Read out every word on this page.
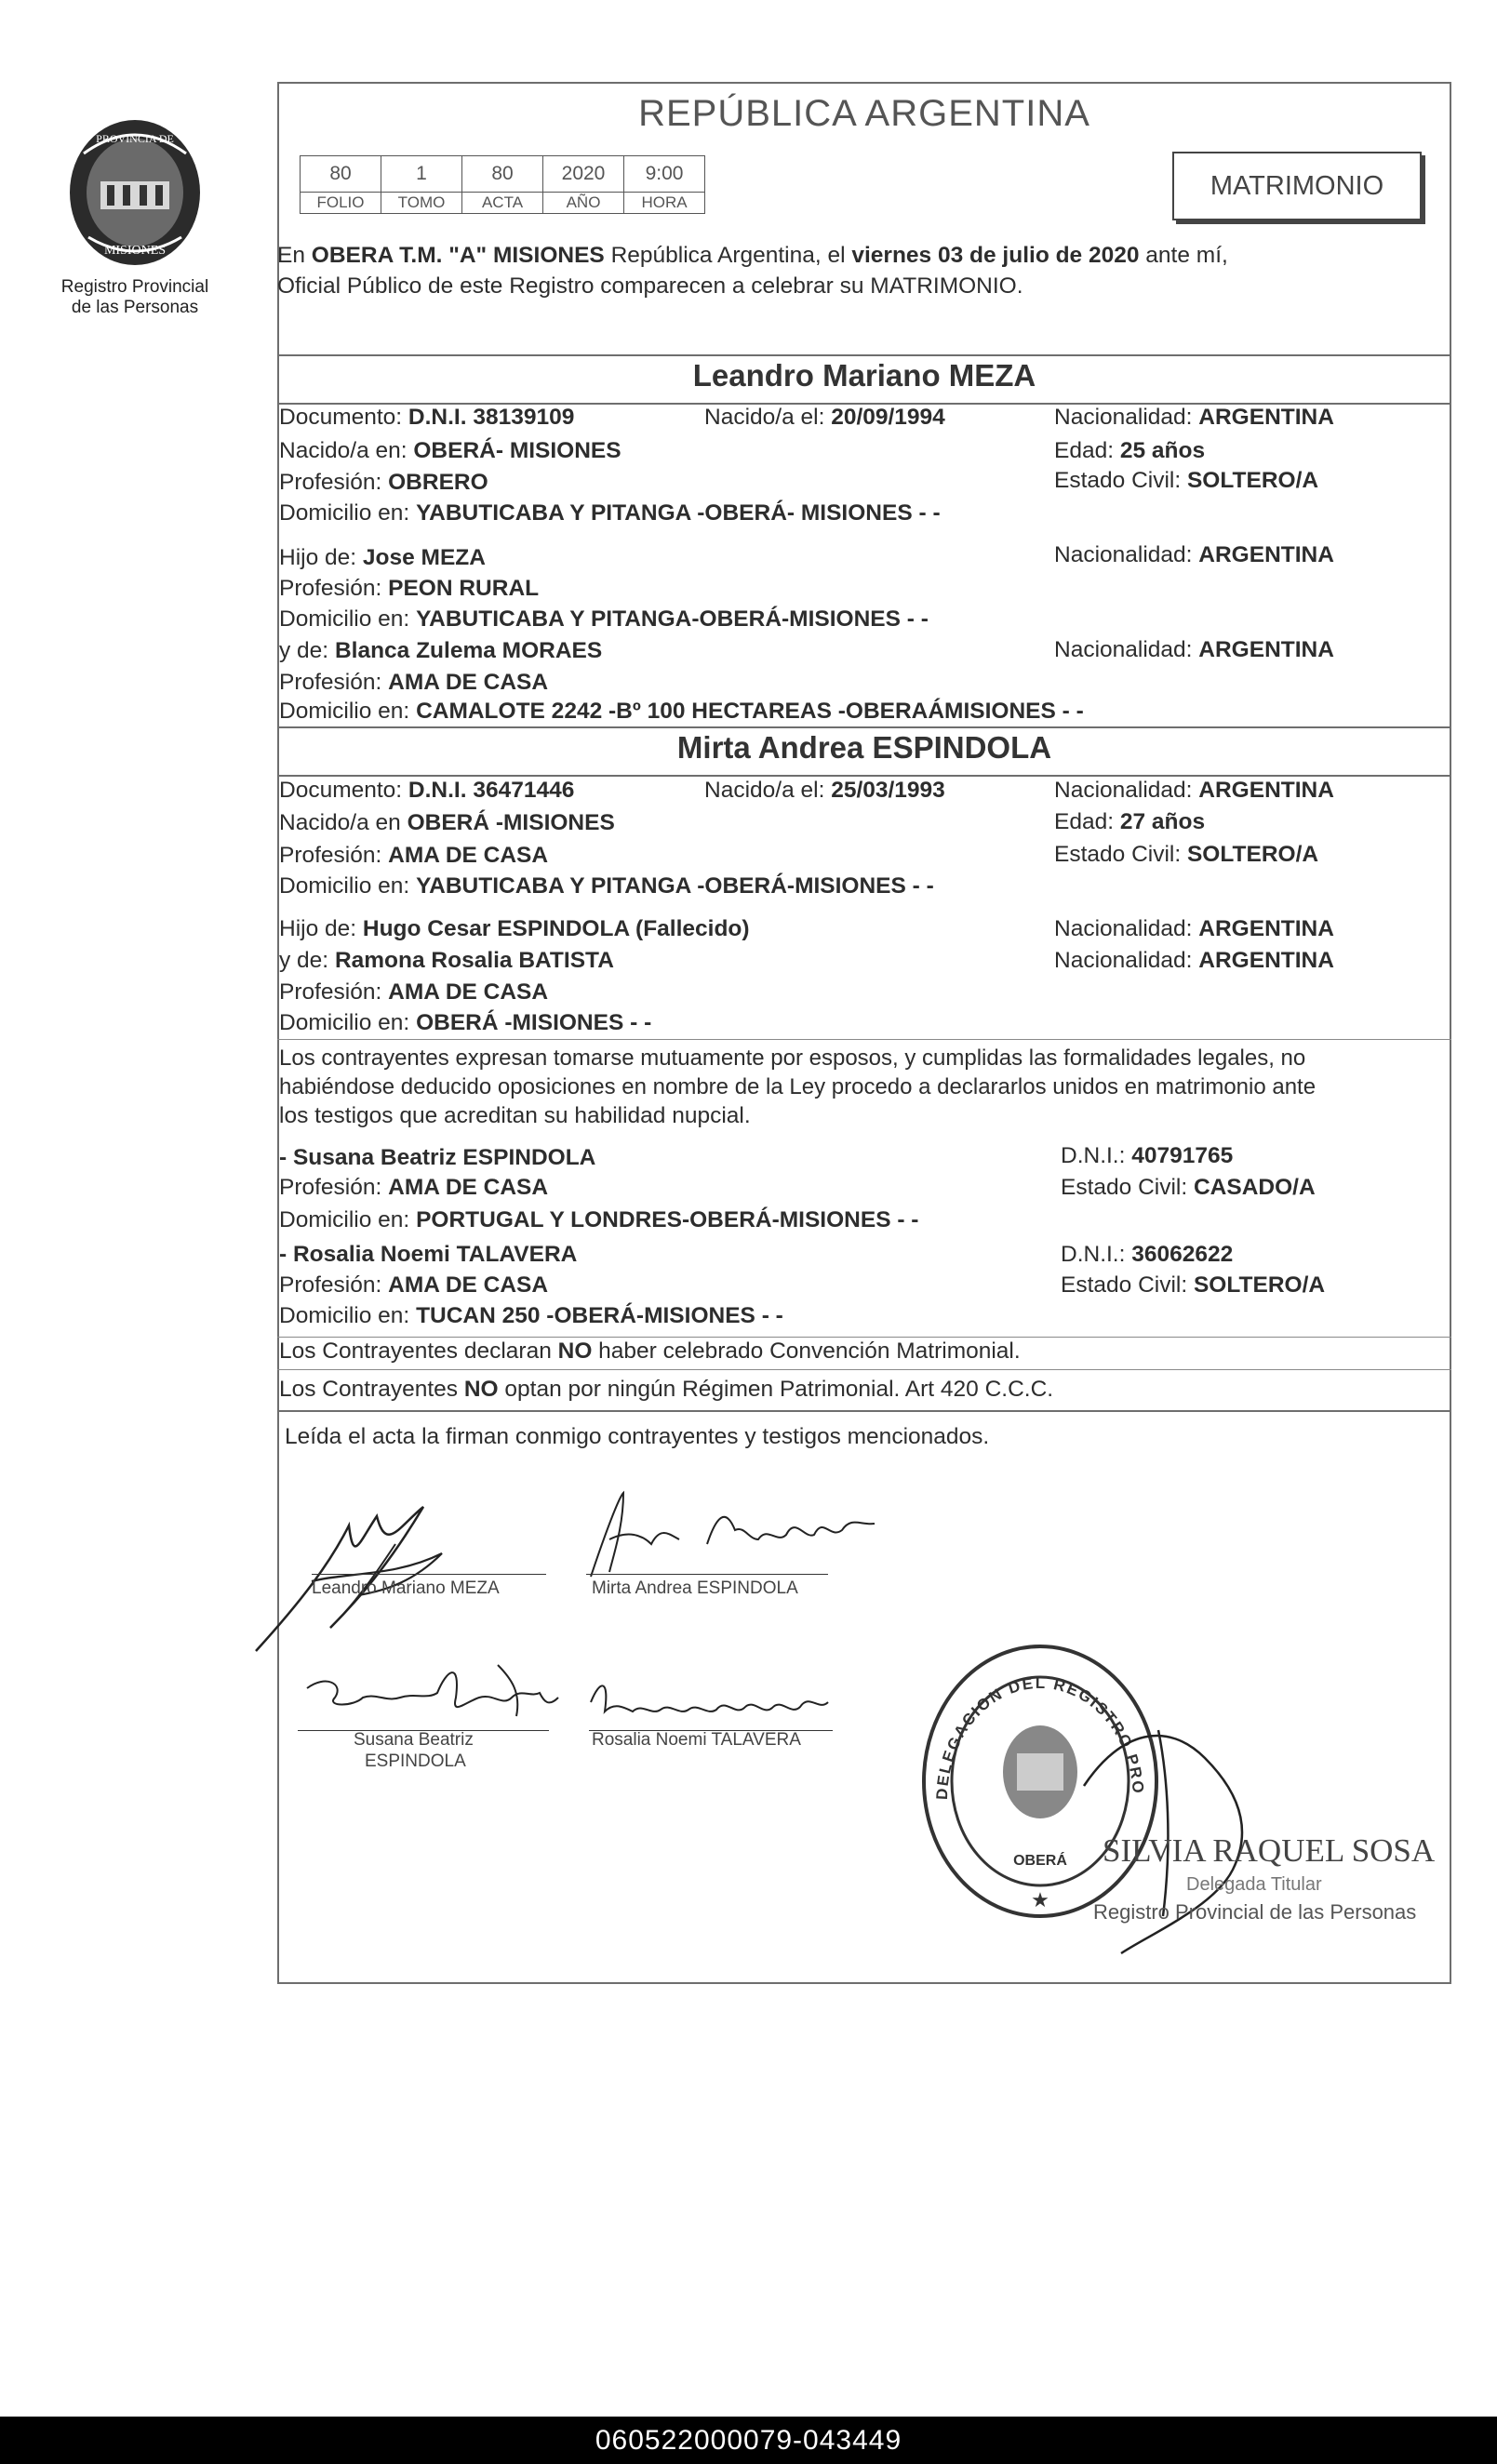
PROVINCIA DE
MISIONES
Registro Provincial
de las Personas
REPÚBLICA ARGENTINA
80	1	80	2020	9:00
FOLIO	TOMO	ACTA	AÑO	HORA
MATRIMONIO
En OBERA T.M. "A" MISIONES República Argentina, el viernes 03 de julio de 2020 ante mí,
Oficial Público de este Registro comparecen a celebrar su MATRIMONIO.
Leandro Mariano MEZA
Documento: D.N.I. 38139109	Nacido/a el: 20/09/1994	Nacionalidad: ARGENTINA
Nacido/a en: OBERÁ- MISIONES	Edad: 25 años
Profesión: OBRERO	Estado Civil: SOLTERO/A
Domicilio en: YABUTICABA Y PITANGA -OBERÁ- MISIONES - -
Hijo de: Jose MEZA	Nacionalidad: ARGENTINA
Profesión: PEON RURAL
Domicilio en: YABUTICABA Y PITANGA-OBERÁ-MISIONES - -
y de: Blanca Zulema MORAES	Nacionalidad: ARGENTINA
Profesión: AMA DE CASA
Domicilio en: CAMALOTE 2242 -Bº 100 HECTAREAS -OBERAÁMISIONES - -
Mirta Andrea ESPINDOLA
Documento: D.N.I. 36471446	Nacido/a el: 25/03/1993	Nacionalidad: ARGENTINA
Nacido/a en OBERÁ -MISIONES	Edad: 27 años
Profesión: AMA DE CASA	Estado Civil: SOLTERO/A
Domicilio en: YABUTICABA Y PITANGA -OBERÁ-MISIONES - -
Hijo de: Hugo Cesar ESPINDOLA (Fallecido)	Nacionalidad: ARGENTINA
y de: Ramona Rosalia BATISTA	Nacionalidad: ARGENTINA
Profesión: AMA DE CASA
Domicilio en: OBERÁ -MISIONES - -
Los contrayentes expresan tomarse mutuamente por esposos, y cumplidas las formalidades legales, no
habiéndose deducido oposiciones en nombre de la Ley procedo a declararlos unidos en matrimonio ante
los testigos que acreditan su habilidad nupcial.
- Susana Beatriz ESPINDOLA	D.N.I.: 40791765
Profesión: AMA DE CASA	Estado Civil: CASADO/A
Domicilio en: PORTUGAL Y LONDRES-OBERÁ-MISIONES - -
- Rosalia Noemi TALAVERA	D.N.I.: 36062622
Profesión: AMA DE CASA	Estado Civil: SOLTERO/A
Domicilio en: TUCAN 250 -OBERÁ-MISIONES - -
Los Contrayentes declaran NO haber celebrado Convención Matrimonial.
Los Contrayentes NO optan por ningún Régimen Patrimonial. Art 420 C.C.C.
Leída el acta la firman conmigo contrayentes y testigos mencionados.
Leandro Mariano MEZA	Mirta Andrea ESPINDOLA
Susana Beatriz
ESPINDOLA
Rosalia Noemi TALAVERA
DELEGACION DEL REGISTRO PRO
OBERÁ
★
SILVIA RAQUEL SOSA
Delegada Titular
Registro Provincial de las Personas
060522000079-043449
